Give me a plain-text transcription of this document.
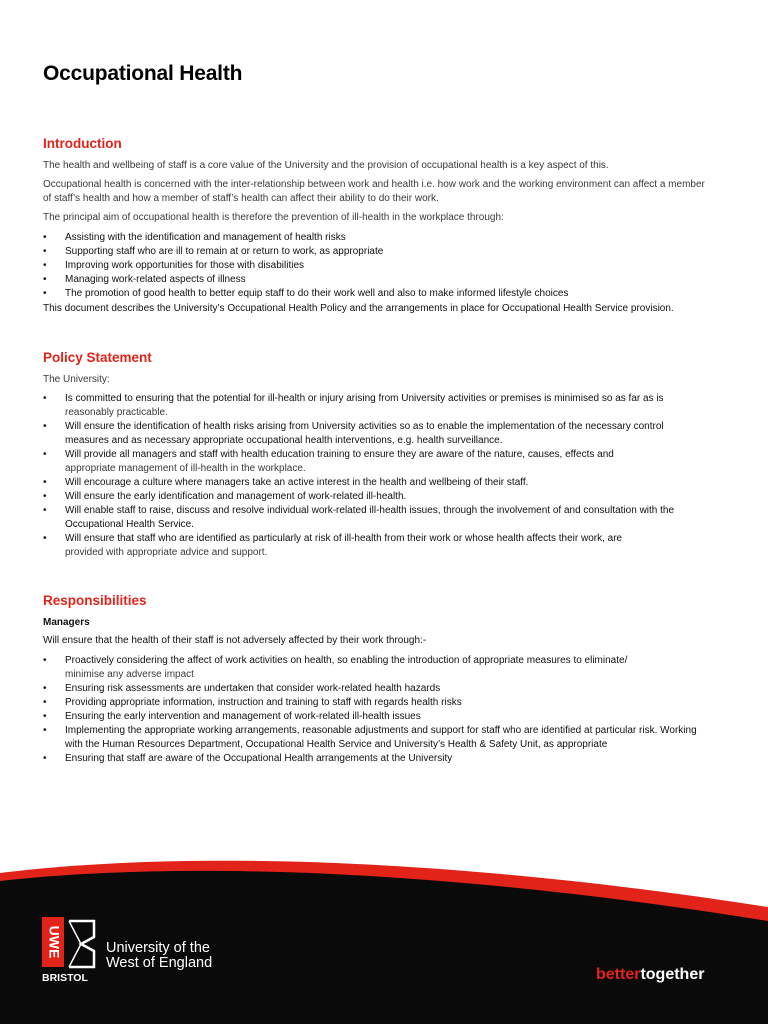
Occupational Health
Introduction

The health and wellbeing of staff is a core value of the University and the provision of occupational health is a key aspect of this.

Occupational health is concerned with the inter-relationship between work and health i.e. how work and the working environment can affect a member of staff’s health and how a member of staff’s health can affect their ability to do their work.

The principal aim of occupational health is therefore the prevention of ill-health in the workplace through:

• Assisting with the identification and management of health risks
• Supporting staff who are ill to remain at or return to work, as appropriate
• Improving work opportunities for those with disabilities
• Managing work-related aspects of illness
• The promotion of good health to better equip staff to do their work well and also to make informed lifestyle choices

This document describes the University’s Occupational Health Policy and the arrangements in place for Occupational Health Service provision.

Policy Statement

The University:

• Is committed to ensuring that the potential for ill-health or injury arising from University activities or premises is minimised so as far as is
reasonably practicable.
• Will ensure the identification of health risks arising from University activities so as to enable the implementation of the necessary control measures and as necessary appropriate occupational health interventions, e.g. health surveillance.
• Will provide all managers and staff with health education training to ensure they are aware of the nature, causes, effects and
appropriate management of ill-health in the workplace.
• Will encourage a culture where managers take an active interest in the health and wellbeing of their staff.
• Will ensure the early identification and management of work-related ill-health.
• Will enable staff to raise, discuss and resolve individual work-related ill-health issues, through the involvement of and consultation with the Occupational Health Service.
• Will ensure that staff who are identified as particularly at risk of ill-health from their work or whose health affects their work, are
provided with appropriate advice and support.
Responsibilities

Managers

Will ensure that the health of their staff is not adversely affected by their work through:-

• Proactively considering the affect of work activities on health, so enabling the introduction of appropriate measures to eliminate/
minimise any adverse impact
• Ensuring risk assessments are undertaken that consider work-related health hazards
• Providing appropriate information, instruction and training to staff with regards health risks
• Ensuring the early intervention and management of work-related ill-health issues
• Implementing the appropriate working arrangements, reasonable adjustments and support for staff who are identified at particular risk. Working with the Human Resources Department, Occupational Health Service and University’s Health & Safety Unit, as appropriate
• Ensuring that staff are aware of the Occupational Health arrangements at the University
UWE
BRISTOL
University of the
West of England
bettertogether
